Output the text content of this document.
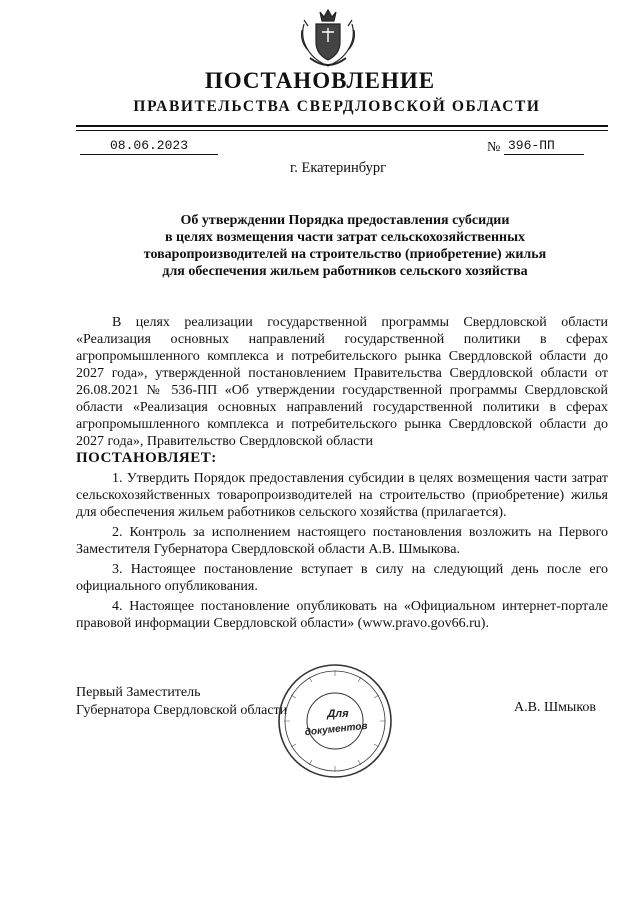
ПОСТАНОВЛЕНИЕ
ПРАВИТЕЛЬСТВА СВЕРДЛОВСКОЙ ОБЛАСТИ
08.06.2023	№ 396-ПП
г. Екатеринбург
Об утверждении Порядка предоставления субсидии
в целях возмещения части затрат сельскохозяйственных
товаропроизводителей на строительство (приобретение) жилья
для обеспечения жильем работников сельского хозяйства

В целях реализации государственной программы Свердловской области «Реализация основных направлений государственной политики в сферах агропромышленного комплекса и потребительского рынка Свердловской области до 2027 года», утвержденной постановлением Правительства Свердловской области от 26.08.2021 № 536-ПП «Об утверждении государственной программы Свердловской области «Реализация основных направлений государственной политики в сферах агропромышленного комплекса и потребительского рынка Свердловской области до 2027 года», Правительство Свердловской области

ПОСТАНОВЛЯЕТ:

1. Утвердить Порядок предоставления субсидии в целях возмещения части затрат сельскохозяйственных товаропроизводителей на строительство (приобретение) жилья для обеспечения жильем работников сельского хозяйства (прилагается).

2. Контроль за исполнением настоящего постановления возложить на Первого Заместителя Губернатора Свердловской области А.В. Шмыкова.

3. Настоящее постановление вступает в силу на следующий день после его официального опубликования.

4. Настоящее постановление опубликовать на «Официальном интернет-портале правовой информации Свердловской области» (www.pravo.gov66.ru).

Первый Заместитель
Губернатора Свердловской области	А.В. Шмыков
Для
документов
